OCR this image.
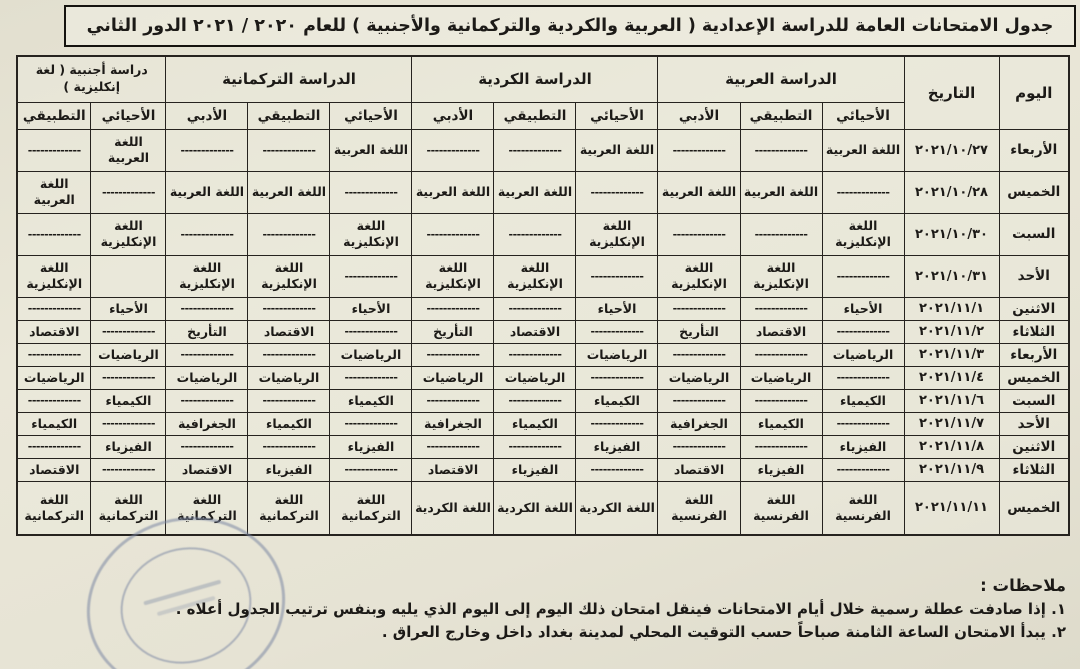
جدول الامتحانات العامة للدراسة الإعدادية ( العربية والكردية والتركمانية والأجنبية ) للعام ٢٠٢٠ / ٢٠٢١ الدور الثاني
اليوم	التاريخ	الدراسة العربية			الدراسة الكردية			الدراسة التركمانية			دراسة أجنبية ( لغة إنكليزية )	
		الأحيائي	التطبيقي	الأدبي	الأحيائي	التطبيقي	الأدبي	الأحيائي	التطبيقي	الأدبي	الأحيائي	التطبيقي
الأربعاء	٢٠٢١/١٠/٢٧	اللغة العربية	-------------	-------------	اللغة العربية	-------------	-------------	اللغة العربية	-------------	-------------	اللغة العربية	-------------
الخميس	٢٠٢١/١٠/٢٨	-------------	اللغة العربية	اللغة العربية	-------------	اللغة العربية	اللغة العربية	-------------	اللغة العربية	اللغة العربية	-------------	اللغة العربية
السبت	٢٠٢١/١٠/٣٠	اللغة الإنكليزية	-------------	-------------	اللغة الإنكليزية	-------------	-------------	اللغة الإنكليزية	-------------	-------------	اللغة الإنكليزية	-------------
الأحد	٢٠٢١/١٠/٣١	-------------	اللغة الإنكليزية	اللغة الإنكليزية	-------------	اللغة الإنكليزية	اللغة الإنكليزية	-------------	اللغة الإنكليزية	اللغة الإنكليزية		اللغة الإنكليزية
الاثنين	٢٠٢١/١١/١	الأحياء	-------------	-------------	الأحياء	-------------	-------------	الأحياء	-------------	-------------	الأحياء	-------------
الثلاثاء	٢٠٢١/١١/٢	-------------	الاقتصاد	التأريخ	-------------	الاقتصاد	التأريخ	-------------	الاقتصاد	التأريخ	-------------	الاقتصاد
الأربعاء	٢٠٢١/١١/٣	الرياضيات	-------------	-------------	الرياضيات	-------------	-------------	الرياضيات	-------------	-------------	الرياضيات	-------------
الخميس	٢٠٢١/١١/٤	-------------	الرياضيات	الرياضيات	-------------	الرياضيات	الرياضيات	-------------	الرياضيات	الرياضيات	-------------	الرياضيات
السبت	٢٠٢١/١١/٦	الكيمياء	-------------	-------------	الكيمياء	-------------	-------------	الكيمياء	-------------	-------------	الكيمياء	-------------
الأحد	٢٠٢١/١١/٧	-------------	الكيمياء	الجغرافية	-------------	الكيمياء	الجغرافية	-------------	الكيمياء	الجغرافية	-------------	الكيمياء
الاثنين	٢٠٢١/١١/٨	الفيزياء	-------------	-------------	الفيزياء	-------------	-------------	الفيزياء	-------------	-------------	الفيزياء	-------------
الثلاثاء	٢٠٢١/١١/٩	-------------	الفيزياء	الاقتصاد	-------------	الفيزياء	الاقتصاد	-------------	الفيزياء	الاقتصاد	-------------	الاقتصاد
الخميس	٢٠٢١/١١/١١	اللغة الفرنسية	اللغة الفرنسية	اللغة الفرنسية	اللغة الكردية	اللغة الكردية	اللغة الكردية	اللغة التركمانية	اللغة التركمانية	اللغة التركمانية	اللغة التركمانية	اللغة التركمانية
ملاحظات :
١. إذا صادفت عطلة رسمية خلال أيام الامتحانات فينقل امتحان ذلك اليوم إلى اليوم الذي يليه وبنفس ترتيب الجدول أعلاه .
٢. يبدأ الامتحان الساعة الثامنة صباحاً حسب التوقيت المحلي لمدينة بغداد داخل وخارج العراق .
